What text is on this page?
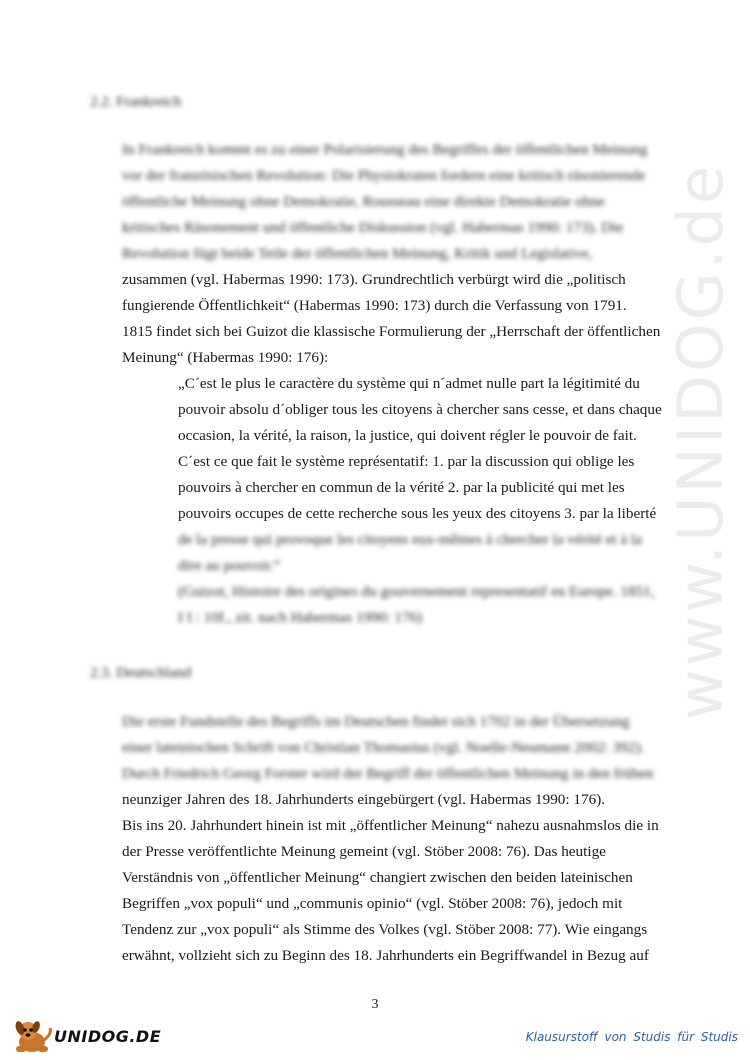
www.UNIDOG.de
2.2. Frankreich
In Frankreich kommt es zu einer Polarisierung des Begriffes der öffentlichen Meinung
vor der französischen Revolution: Die Physiokraten fordern eine kritisch räsonierende
öffentliche Meinung ohne Demokratie, Rousseau eine direkte Demokratie ohne
kritisches Räsonement und öffentliche Diskussion (vgl. Habermas 1990: 173). Die
Revolution fügt beide Teile der öffentlichen Meinung, Kritik und Legislative,
zusammen (vgl. Habermas 1990: 173). Grundrechtlich verbürgt wird die „politisch
fungierende Öffentlichkeit“ (Habermas 1990: 173) durch die Verfassung von 1791.
1815 findet sich bei Guizot die klassische Formulierung der „Herrschaft der öffentlichen
Meinung“ (Habermas 1990: 176):
„C´est le plus le caractère du système qui n´admet nulle part la légitimité du
pouvoir absolu d´obliger tous les citoyens à chercher sans cesse, et dans chaque
occasion, la vérité, la raison, la justice, qui doivent régler le pouvoir de fait.
C´est ce que fait le système représentatif: 1. par la discussion qui oblige les
pouvoirs à chercher en commun de la vérité 2. par la publicité qui met les
pouvoirs occupes de cette recherche sous les yeux des citoyens 3. par la liberté
de la presse qui provoque les citoyens eux-mêmes à chercher la vérité et à la
dire au pouvoir.“
(Guizot, Histoire des origines du gouvernement representatif en Europe. 1851,
I I : 10f., zit. nach Habermas 1990: 176)
2.3. Deutschland
Die erste Fundstelle des Begriffs im Deutschen findet sich 1702 in der Übersetzung
einer lateinischen Schrift von Christian Thomasius (vgl. Noelle-Neumann 2002: 392).
Durch Friedrich Georg Forster wird der Begriff der öffentlichen Meinung in den frühen
neunziger Jahren des 18. Jahrhunderts eingebürgert (vgl. Habermas 1990: 176).
Bis ins 20. Jahrhundert hinein ist mit „öffentlicher Meinung“ nahezu ausnahmslos die in
der Presse veröffentlichte Meinung gemeint (vgl. Stöber 2008: 76). Das heutige
Verständnis von „öffentlicher Meinung“ changiert zwischen den beiden lateinischen
Begriffen „vox populi“ und „communis opinio“ (vgl. Stöber 2008: 76), jedoch mit
Tendenz zur „vox populi“ als Stimme des Volkes (vgl. Stöber 2008: 77). Wie eingangs
erwähnt, vollzieht sich zu Beginn des 18. Jahrhunderts ein Begriffwandel in Bezug auf
3
UNIDOG.DE	Klausurstoff von Studis für Studis
